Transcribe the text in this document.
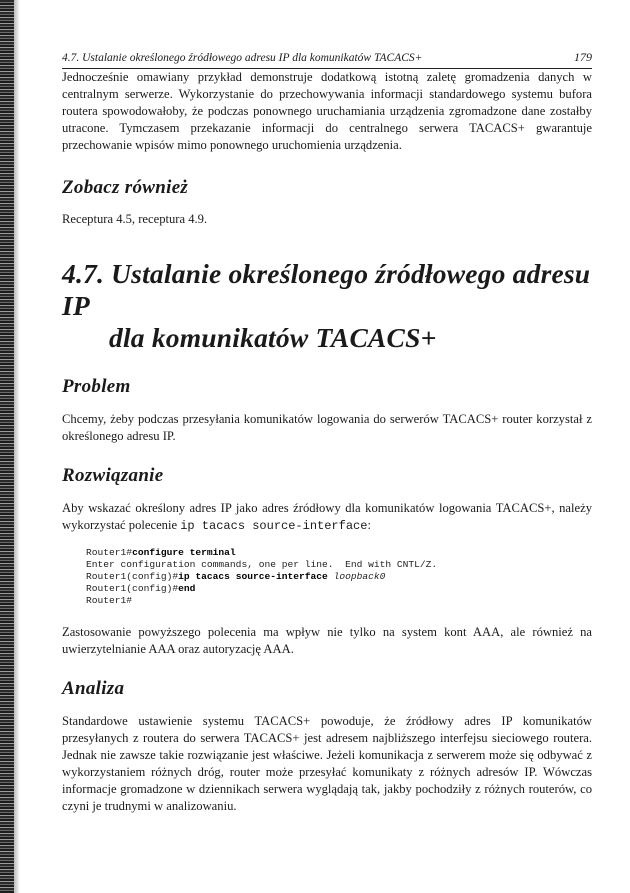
4.7. Ustalanie określonego źródłowego adresu IP dla komunikatów TACACS+	179

Jednocześnie omawiany przykład demonstruje dodatkową istotną zaletę gromadzenia danych w centralnym serwerze. Wykorzystanie do przechowywania informacji standardowego systemu bufora routera spowodowałoby, że podczas ponownego uruchamiania urządzenia zgromadzone dane zostałby utracone. Tymczasem przekazanie informacji do centralnego serwera TACACS+ gwarantuje przechowanie wpisów mimo ponownego uruchomienia urządzenia.

Zobacz również

Receptura 4.5, receptura 4.9.

4.7. Ustalanie określonego źródłowego adresu IP
dla komunikatów TACACS+
Problem

Chcemy, żeby podczas przesyłania komunikatów logowania do serwerów TACACS+ router korzystał z określonego adresu IP.

Rozwiązanie

Aby wskazać określony adres IP jako adres źródłowy dla komunikatów logowania TACACS+, należy wykorzystać polecenie ip tacacs source-interface:

Router1#configure terminal
Enter configuration commands, one per line.  End with CNTL/Z.
Router1(config)#ip tacacs source-interface loopback0
Router1(config)#end
Router1#

Zastosowanie powyższego polecenia ma wpływ nie tylko na system kont AAA, ale również na uwierzytelnianie AAA oraz autoryzację AAA.

Analiza

Standardowe ustawienie systemu TACACS+ powoduje, że źródłowy adres IP komunikatów przesyłanych z routera do serwera TACACS+ jest adresem najbliższego interfejsu sieciowego routera. Jednak nie zawsze takie rozwiązanie jest właściwe. Jeżeli komunikacja z serwerem może się odbywać z wykorzystaniem różnych dróg, router może przesyłać komunikaty z różnych adresów IP. Wówczas informacje gromadzone w dziennikach serwera wyglądają tak, jakby pochodziły z różnych routerów, co czyni je trudnymi w analizowaniu.
